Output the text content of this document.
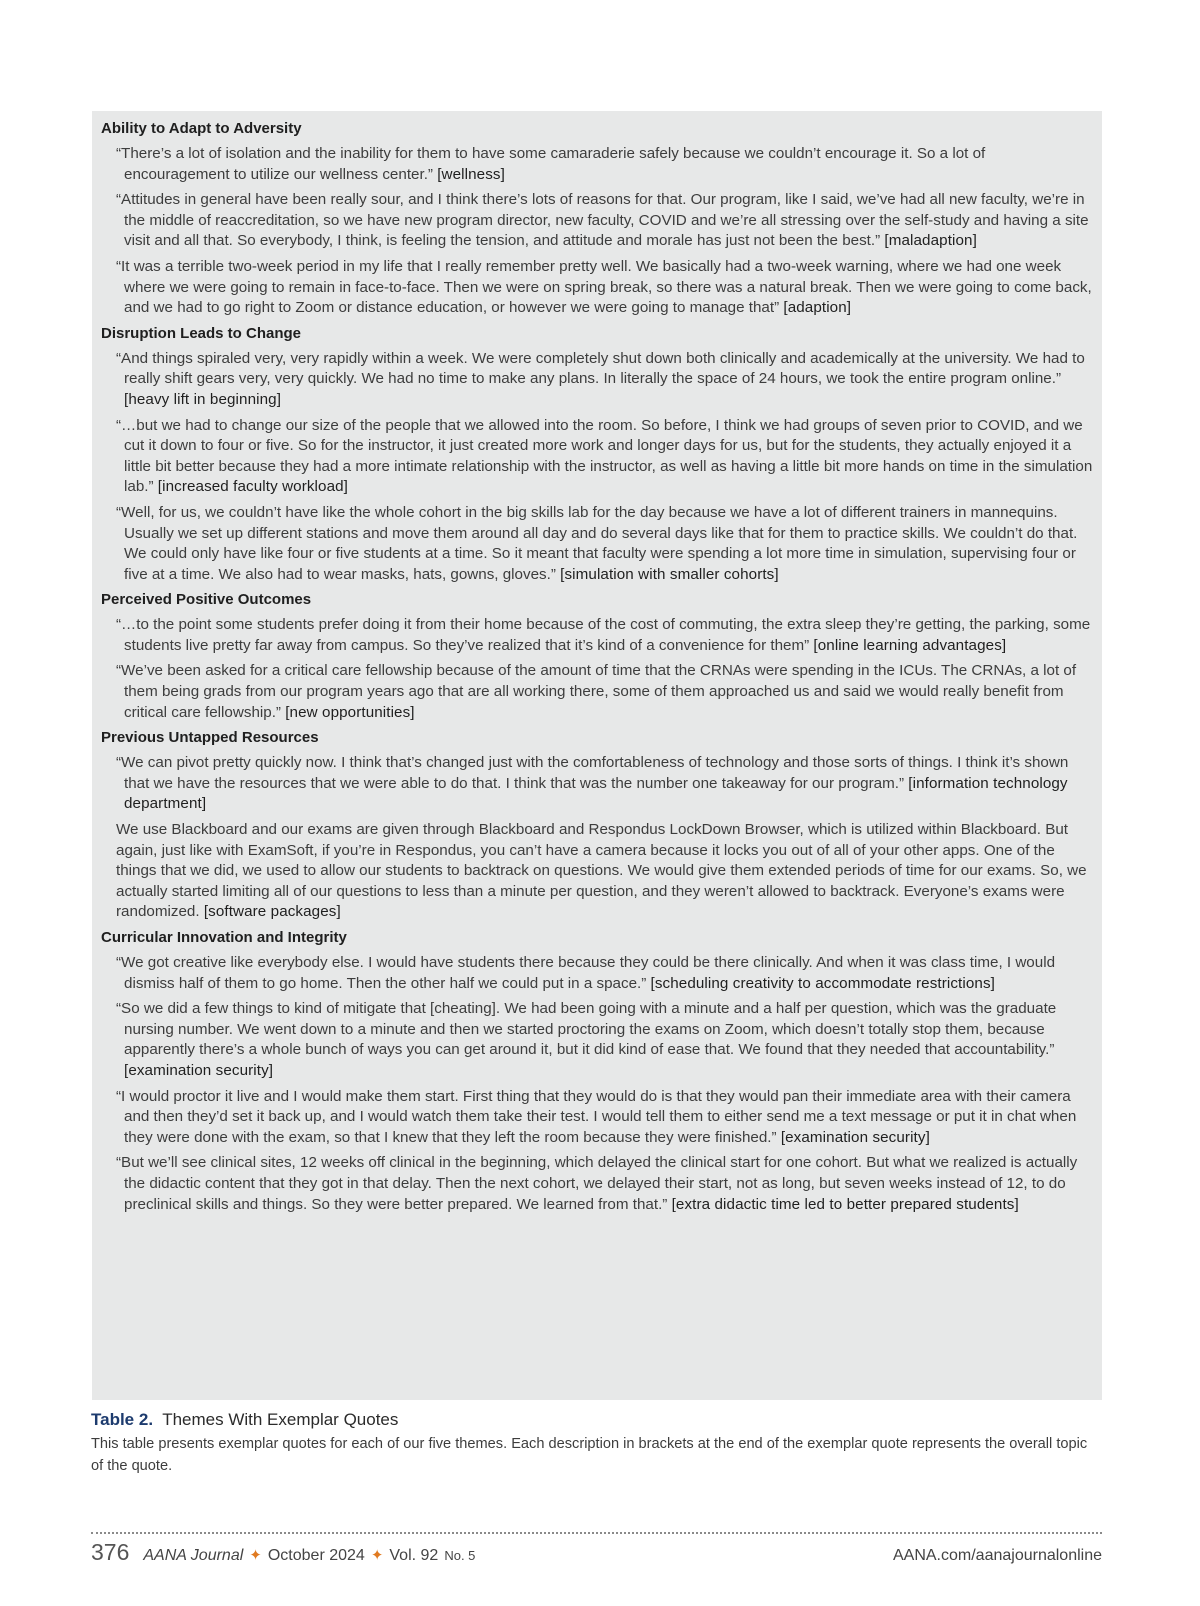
Ability to Adapt to Adversity
“There’s a lot of isolation and the inability for them to have some camaraderie safely because we couldn’t encourage it. So a lot of encouragement to utilize our wellness center.” [wellness]
“Attitudes in general have been really sour, and I think there’s lots of reasons for that. Our program, like I said, we’ve had all new faculty, we’re in the middle of reaccreditation, so we have new program director, new faculty, COVID and we’re all stressing over the self-study and having a site visit and all that. So everybody, I think, is feeling the tension, and attitude and morale has just not been the best.” [maladaption]
“It was a terrible two-week period in my life that I really remember pretty well. We basically had a two-week warning, where we had one week where we were going to remain in face-to-face. Then we were on spring break, so there was a natural break. Then we were going to come back, and we had to go right to Zoom or distance education, or however we were going to manage that” [adaption]
Disruption Leads to Change
“And things spiraled very, very rapidly within a week. We were completely shut down both clinically and academically at the university. We had to really shift gears very, very quickly. We had no time to make any plans. In literally the space of 24 hours, we took the entire program online.” [heavy lift in beginning]
“…but we had to change our size of the people that we allowed into the room. So before, I think we had groups of seven prior to COVID, and we cut it down to four or five. So for the instructor, it just created more work and longer days for us, but for the students, they actually enjoyed it a little bit better because they had a more intimate relationship with the instructor, as well as having a little bit more hands on time in the simulation lab.” [increased faculty workload]
“Well, for us, we couldn’t have like the whole cohort in the big skills lab for the day because we have a lot of different trainers in mannequins. Usually we set up different stations and move them around all day and do several days like that for them to practice skills. We couldn’t do that. We could only have like four or five students at a time. So it meant that faculty were spending a lot more time in simulation, supervising four or five at a time. We also had to wear masks, hats, gowns, gloves.” [simulation with smaller cohorts]
Perceived Positive Outcomes
“…to the point some students prefer doing it from their home because of the cost of commuting, the extra sleep they’re getting, the parking, some students live pretty far away from campus. So they’ve realized that it’s kind of a convenience for them” [online learning advantages]
“We’ve been asked for a critical care fellowship because of the amount of time that the CRNAs were spending in the ICUs. The CRNAs, a lot of them being grads from our program years ago that are all working there, some of them approached us and said we would really benefit from critical care fellowship.” [new opportunities]
Previous Untapped Resources
“We can pivot pretty quickly now. I think that’s changed just with the comfortableness of technology and those sorts of things. I think it’s shown that we have the resources that we were able to do that. I think that was the number one takeaway for our program.” [information technology department]
We use Blackboard and our exams are given through Blackboard and Respondus LockDown Browser, which is utilized within Blackboard. But again, just like with ExamSoft, if you’re in Respondus, you can’t have a camera because it locks you out of all of your other apps. One of the things that we did, we used to allow our students to backtrack on questions. We would give them extended periods of time for our exams. So, we actually started limiting all of our questions to less than a minute per question, and they weren’t allowed to backtrack. Everyone’s exams were randomized. [software packages]
Curricular Innovation and Integrity
“We got creative like everybody else. I would have students there because they could be there clinically. And when it was class time, I would dismiss half of them to go home. Then the other half we could put in a space.” [scheduling creativity to accommodate restrictions]
“So we did a few things to kind of mitigate that [cheating]. We had been going with a minute and a half per question, which was the graduate nursing number. We went down to a minute and then we started proctoring the exams on Zoom, which doesn’t totally stop them, because apparently there’s a whole bunch of ways you can get around it, but it did kind of ease that. We found that they needed that accountability.” [examination security]
“I would proctor it live and I would make them start. First thing that they would do is that they would pan their immediate area with their camera and then they’d set it back up, and I would watch them take their test. I would tell them to either send me a text message or put it in chat when they were done with the exam, so that I knew that they left the room because they were finished.” [examination security]
“But we’ll see clinical sites, 12 weeks off clinical in the beginning, which delayed the clinical start for one cohort. But what we realized is actually the didactic content that they got in that delay. Then the next cohort, we delayed their start, not as long, but seven weeks instead of 12, to do preclinical skills and things. So they were better prepared. We learned from that.” [extra didactic time led to better prepared students]
Table 2. Themes With Exemplar Quotes
This table presents exemplar quotes for each of our five themes. Each description in brackets at the end of the exemplar quote represents the overall topic of the quote.
376 AANA Journal ✦ October 2024 ✦ Vol. 92 No. 5	AANA.com/aanajournalonline
